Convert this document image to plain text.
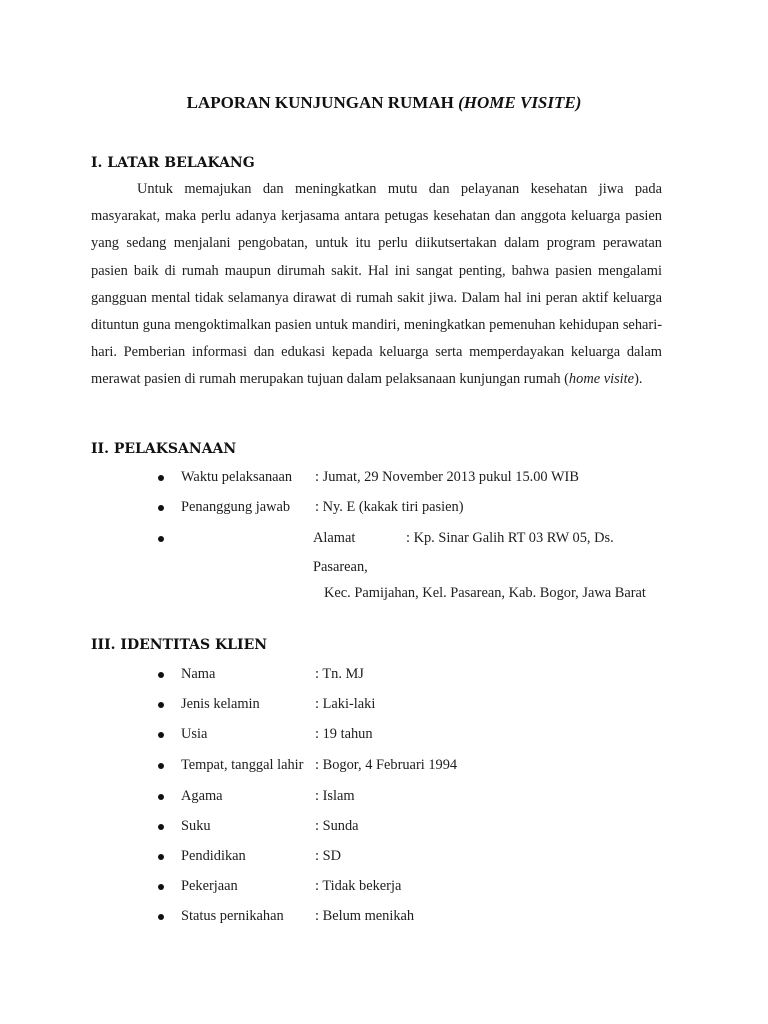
LAPORAN KUNJUNGAN RUMAH (HOME VISITE)
I. LATAR BELAKANG
Untuk memajukan dan meningkatkan mutu dan pelayanan kesehatan jiwa pada masyarakat, maka perlu adanya kerjasama antara petugas kesehatan dan anggota keluarga pasien yang sedang menjalani pengobatan, untuk itu perlu diikutsertakan dalam program perawatan pasien baik di rumah maupun dirumah sakit. Hal ini sangat penting, bahwa pasien mengalami gangguan mental tidak selamanya dirawat di rumah sakit jiwa. Dalam hal ini peran aktif keluarga dituntun guna mengoktimalkan pasien untuk mandiri, meningkatkan pemenuhan kehidupan sehari-hari. Pemberian informasi dan edukasi kepada keluarga serta memperdayakan keluarga dalam merawat pasien di rumah merupakan tujuan dalam pelaksanaan kunjungan rumah (home visite).
II. PELAKSANAAN
Waktu pelaksanaan : Jumat, 29 November 2013 pukul 15.00 WIB
Penanggung jawab : Ny. E (kakak tiri pasien)
Alamat	: Kp. Sinar Galih RT 03 RW 05, Ds.
Pasarean,
Kec. Pamijahan, Kel. Pasarean, Kab. Bogor, Jawa Barat
III. IDENTITAS KLIEN
Nama	: Tn. MJ
Jenis kelamin	: Laki-laki
Usia	: 19 tahun
Tempat, tanggal lahir : Bogor, 4 Februari 1994
Agama	: Islam
Suku	: Sunda
Pendidikan	: SD
Pekerjaan	: Tidak bekerja
Status pernikahan : Belum menikah
